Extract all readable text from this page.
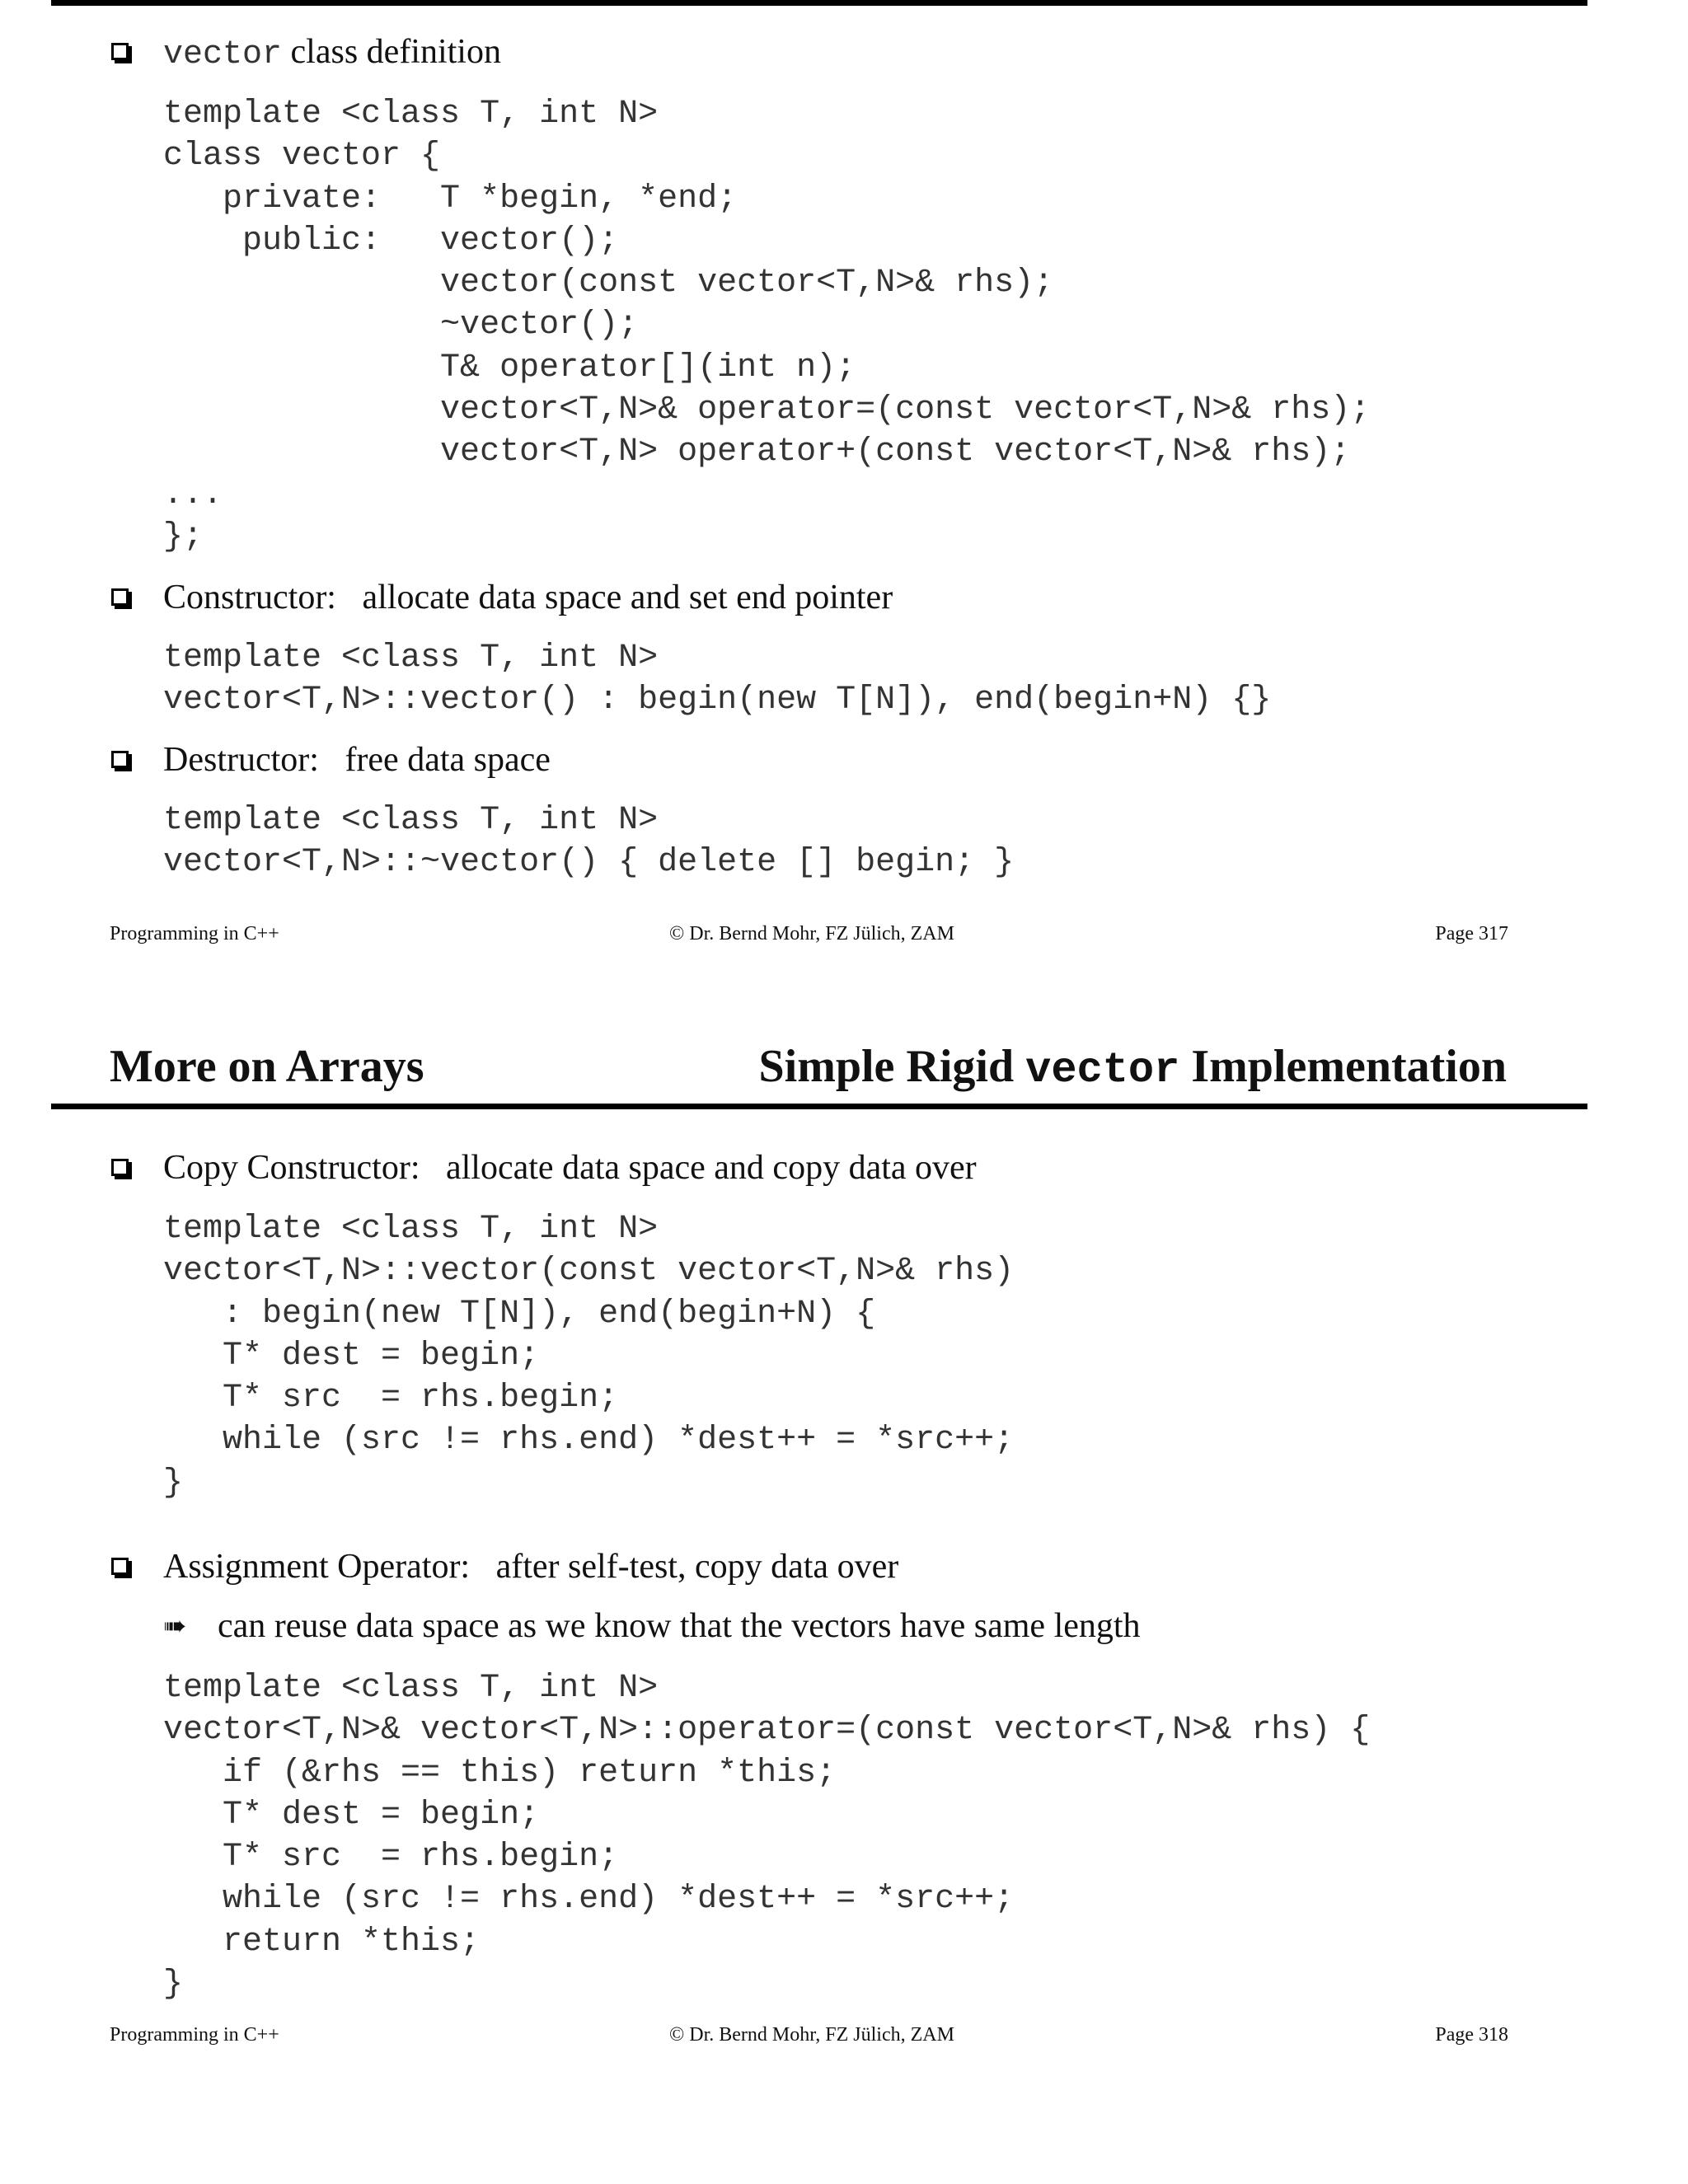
vector class definition
template <class T, int N>
class vector {
private:   T *begin, *end;
public:   vector();
vector(const vector<T,N>& rhs);
~vector();
T& operator[](int n);
vector<T,N>& operator=(const vector<T,N>& rhs);
vector<T,N> operator+(const vector<T,N>& rhs);
...
};
Constructor:   allocate data space and set end pointer
template <class T, int N>
vector<T,N>::vector() : begin(new T[N]), end(begin+N) {}
Destructor:   free data space
template <class T, int N>
vector<T,N>::~vector() { delete [] begin; }
Programming in C++	© Dr. Bernd Mohr, FZ Jülich, ZAM	Page 317
More on Arrays	Simple Rigid vector Implementation
Copy Constructor:   allocate data space and copy data over
template <class T, int N>
vector<T,N>::vector(const vector<T,N>& rhs)
: begin(new T[N]), end(begin+N) {
T* dest = begin;
T* src  = rhs.begin;
while (src != rhs.end) *dest++ = *src++;
}
Assignment Operator:   after self-test, copy data over
➠ can reuse data space as we know that the vectors have same length
template <class T, int N>
vector<T,N>& vector<T,N>::operator=(const vector<T,N>& rhs) {
if (&rhs == this) return *this;
T* dest = begin;
T* src  = rhs.begin;
while (src != rhs.end) *dest++ = *src++;
return *this;
}
Programming in C++	© Dr. Bernd Mohr, FZ Jülich, ZAM	Page 318
